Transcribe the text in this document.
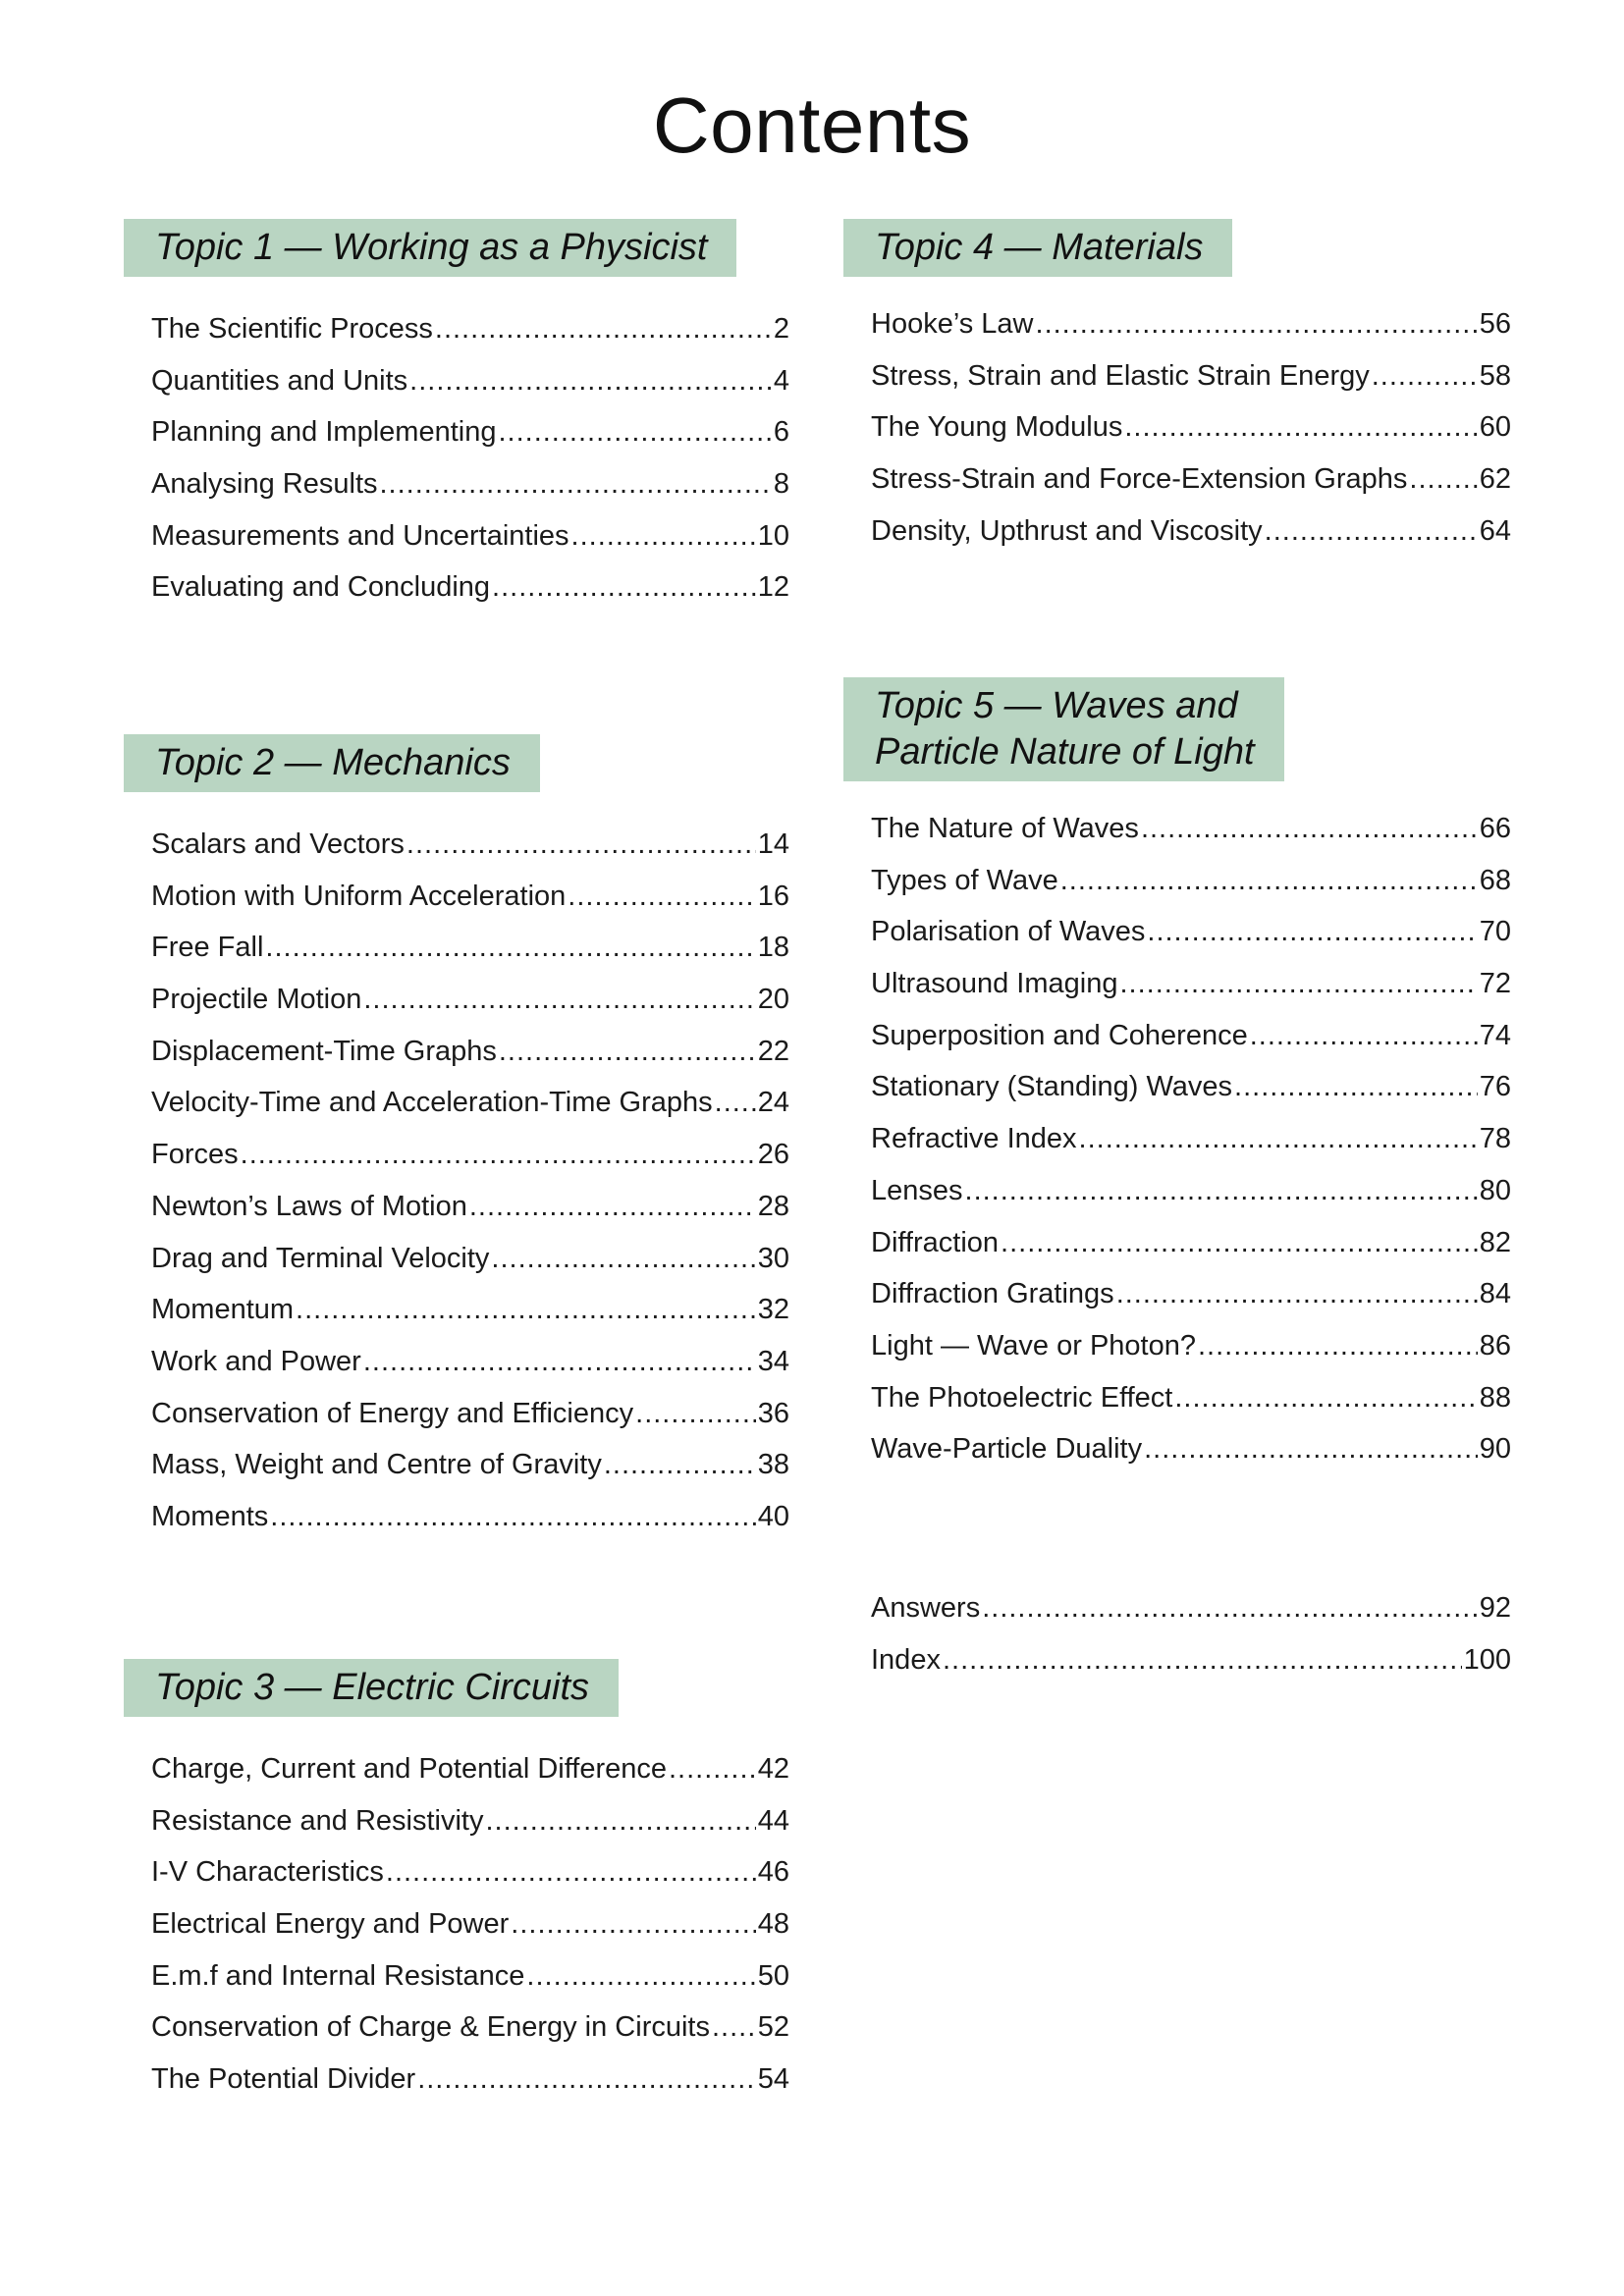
Contents
Topic 1 — Working as a Physicist
The Scientific Process .....	2
Quantities and Units .....	4
Planning and Implementing .....	6
Analysing Results .....	8
Measurements and Uncertainties .....	10
Evaluating and Concluding .....	12
Topic 2 — Mechanics
Scalars and Vectors .....	14
Motion with Uniform Acceleration .....	16
Free Fall .....	18
Projectile Motion .....	20
Displacement-Time Graphs .....	22
Velocity-Time and Acceleration-Time Graphs ..... 24
Forces .....	26
Newton’s Laws of Motion .....	28
Drag and Terminal Velocity .....	30
Momentum .....	32
Work and Power .....	34
Conservation of Energy and Efficiency .....	36
Mass, Weight and Centre of Gravity .....	38
Moments .....	40
Topic 3 — Electric Circuits
Charge, Current and Potential Difference .....	42
Resistance and Resistivity .....	44
I-V Characteristics .....	46
Electrical Energy and Power .....	48
E.m.f and Internal Resistance .....	50
Conservation of Charge & Energy in Circuits ..... 52
The Potential Divider .....	54
Topic 4 — Materials
Hooke’s Law .....	56
Stress, Strain and Elastic Strain Energy .....	58
The Young Modulus .....	60
Stress-Strain and Force-Extension Graphs .....	62
Density, Upthrust and Viscosity .....	64
Topic 5 — Waves and
Particle Nature of Light
The Nature of Waves .....	66
Types of Wave .....	68
Polarisation of Waves .....	70
Ultrasound Imaging .....	72
Superposition and Coherence .....	74
Stationary (Standing) Waves .....	76
Refractive Index .....	78
Lenses .....	80
Diffraction .....	82
Diffraction Gratings .....	84
Light — Wave or Photon? .....	86
The Photoelectric Effect .....	88
Wave-Particle Duality .....	90
Answers .....	92
Index .....	100
